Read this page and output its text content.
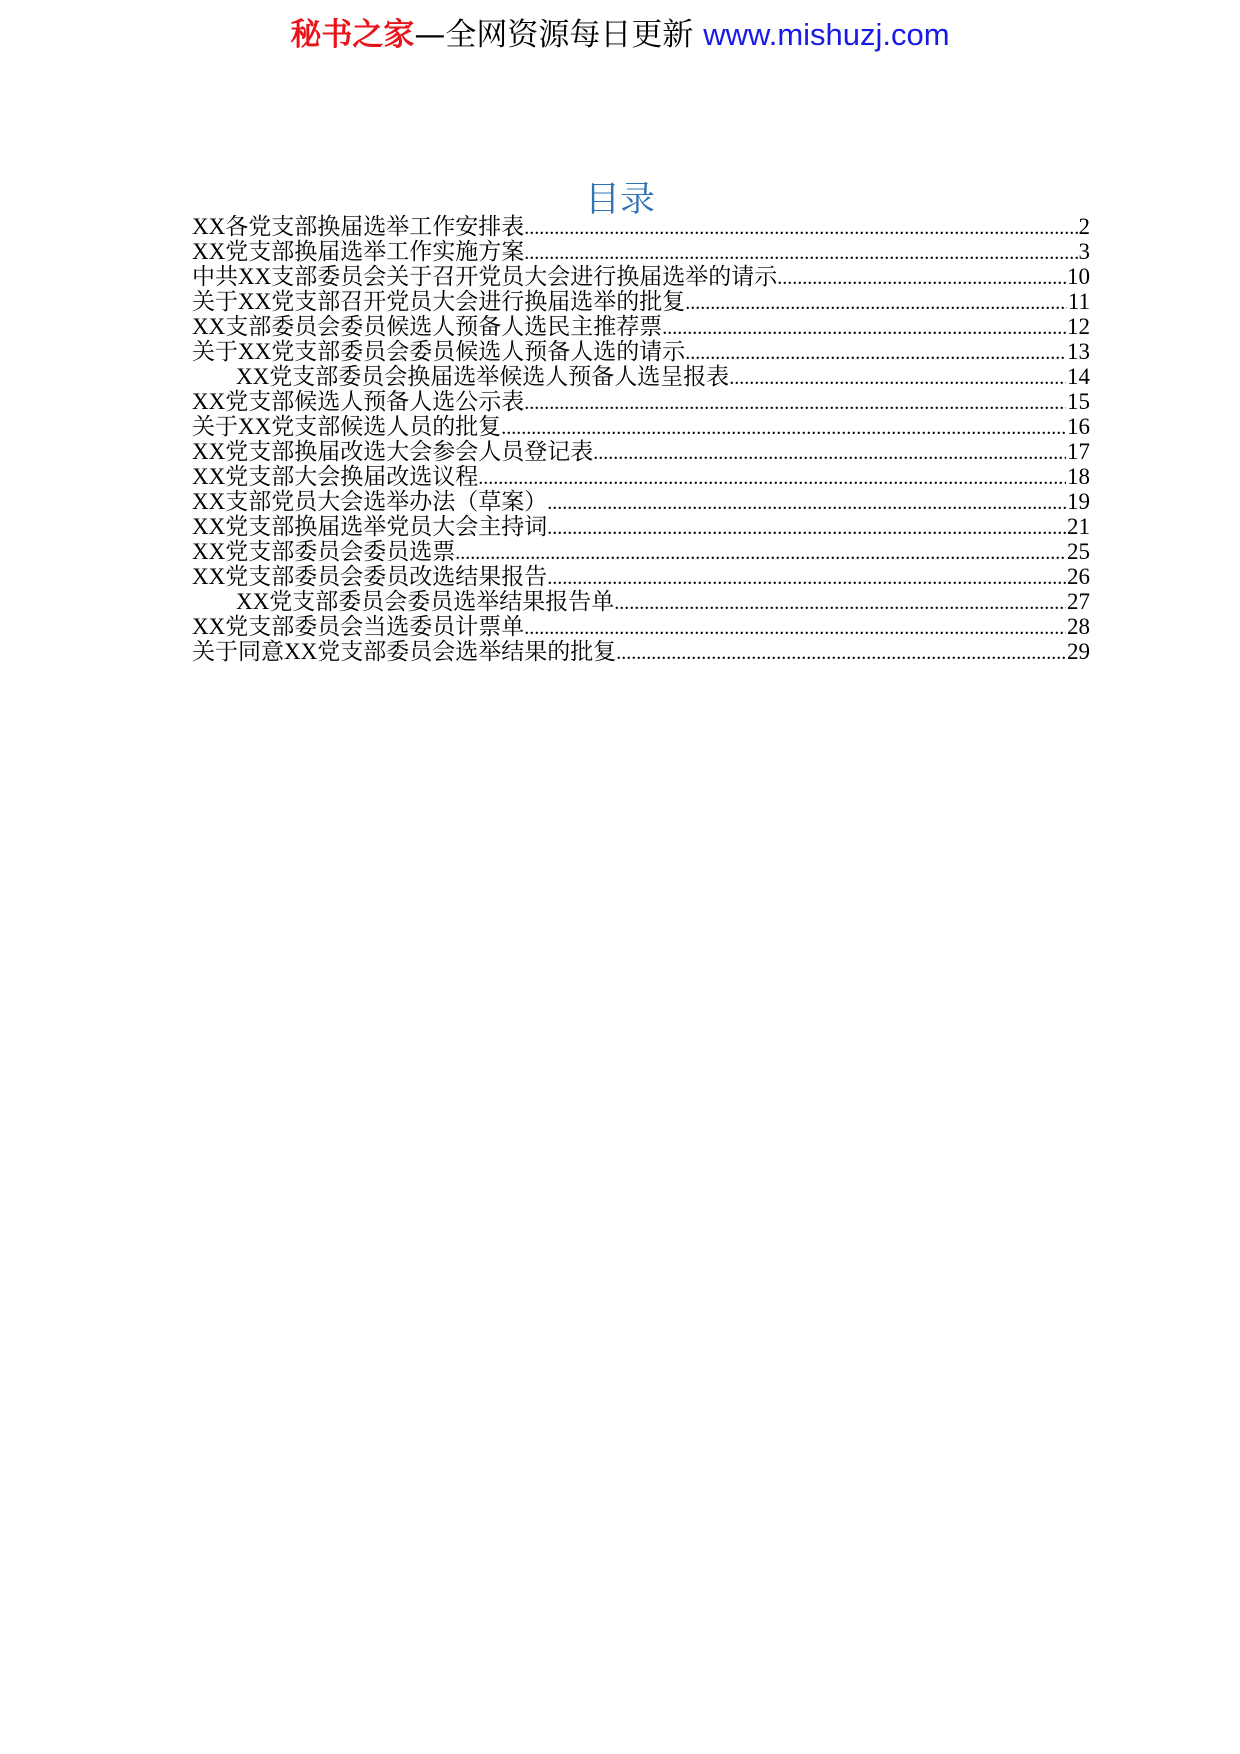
秘书之家—全网资源每日更新 www.mishuzj.com
目录
XX各党支部换届选举工作安排表 .....	2
XX党支部换届选举工作实施方案 .....	3
中共XX支部委员会关于召开党员大会进行换届选举的请示 .....	10
关于XX党支部召开党员大会进行换届选举的批复 .....	11
XX支部委员会委员候选人预备人选民主推荐票 .....	12
关于XX党支部委员会委员候选人预备人选的请示 .....	13
XX党支部委员会换届选举候选人预备人选呈报表 .....	14
XX党支部候选人预备人选公示表 .....	15
关于XX党支部候选人员的批复 .....	16
XX党支部换届改选大会参会人员登记表 .....	17
XX党支部大会换届改选议程 .....	18
XX支部党员大会选举办法（草案） .....	19
XX党支部换届选举党员大会主持词 .....	21
XX党支部委员会委员选票 .....	25
XX党支部委员会委员改选结果报告 .....	26
XX党支部委员会委员选举结果报告单 .....	27
XX党支部委员会当选委员计票单 .....	28
关于同意XX党支部委员会选举结果的批复 .....	29
